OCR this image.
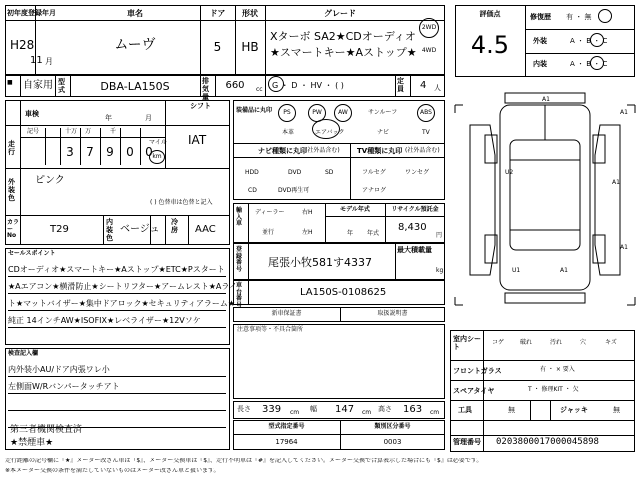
初年度登録年月
H28
11 月
車名
ムーヴ
ドア
5
形状
HB
グレード
Xターボ SA2★CDオーディオ
★スマートキー★Aストップ★
2WD
4WD
■	自家用 型式	DBA-LA150S	排気量
660	cc G ・ D ・ HV ・ ( )	定員	4 人
車検	年	月
シフト
IAT
走行
記号	十万 万	千
3	7	9	0 0
マイル
km
外装色
ピンク
( ) 色替車は色替と記入
カラーNo
T29
内装色
ベージュ
冷房	AAC
装備品に丸印 PS	PW	AW	サンルーフ	ABS
本革	エアバック	ナビ	TV
ナビ種類に丸印
(社外品含む)
HDD	DVD	SD
CD	DVD再生可
TV種類に丸印 (社外品含む)
フルセグ	ワンセグ
アナログ
輸入車
ディーラー
並行
右H
左H
モデル年式
年 年式
リサイクル預託金
8,430
円
登録番号
尾張小牧581す4337
最大積載量
kg
車台番号
LA150S-0108625
新車保証書	取扱説明書
注意事項等・不具合箇所
セールスポイント
CDオーディオ★スマートキー★Aストップ★ETC★Pスタート
★Aエアコン★横滑防止★シートリフター★アームレスト★Aライ
ト★マットバイザー★集中ドアロック★セキュリティアラーム★
純正 14インチAW★ISOFIX★レベライザー★12Vソケ
検査記入欄
内外装小AU/ドア内張ワレ小
左側面W/Rバンパータッチアト
第三者機関検査済
★禁煙車★
長さ 339 cm 幅 147 cm 高さ 163 cm
型式指定番号
17964
類別区分番号
0003
評価点
4.5
修復歴 有 ・ 無
外装	A ・ B ・ C
内装	A ・ B ・ C
A1
A1
U2
A1
A1
U1	A1
室内シート
コゲ	破れ	汚れ	穴	キズ
フロントガラス	有 ・ × 要入
スペアタイヤ	T ・ 修理KIT ・ 欠
工具	無	ジャッキ	無
管理番号 0203800017000045898
走行距離の記号欄に『★』メーター改ざん車は『$』、メーター交換車は『$』、走行不明車は『#』を記入してください。メーター交換で合算表示した場合にも『$』は必要です。
※本メーター交換の条件を満たしていないものはメーター改ざん車と扱います。
